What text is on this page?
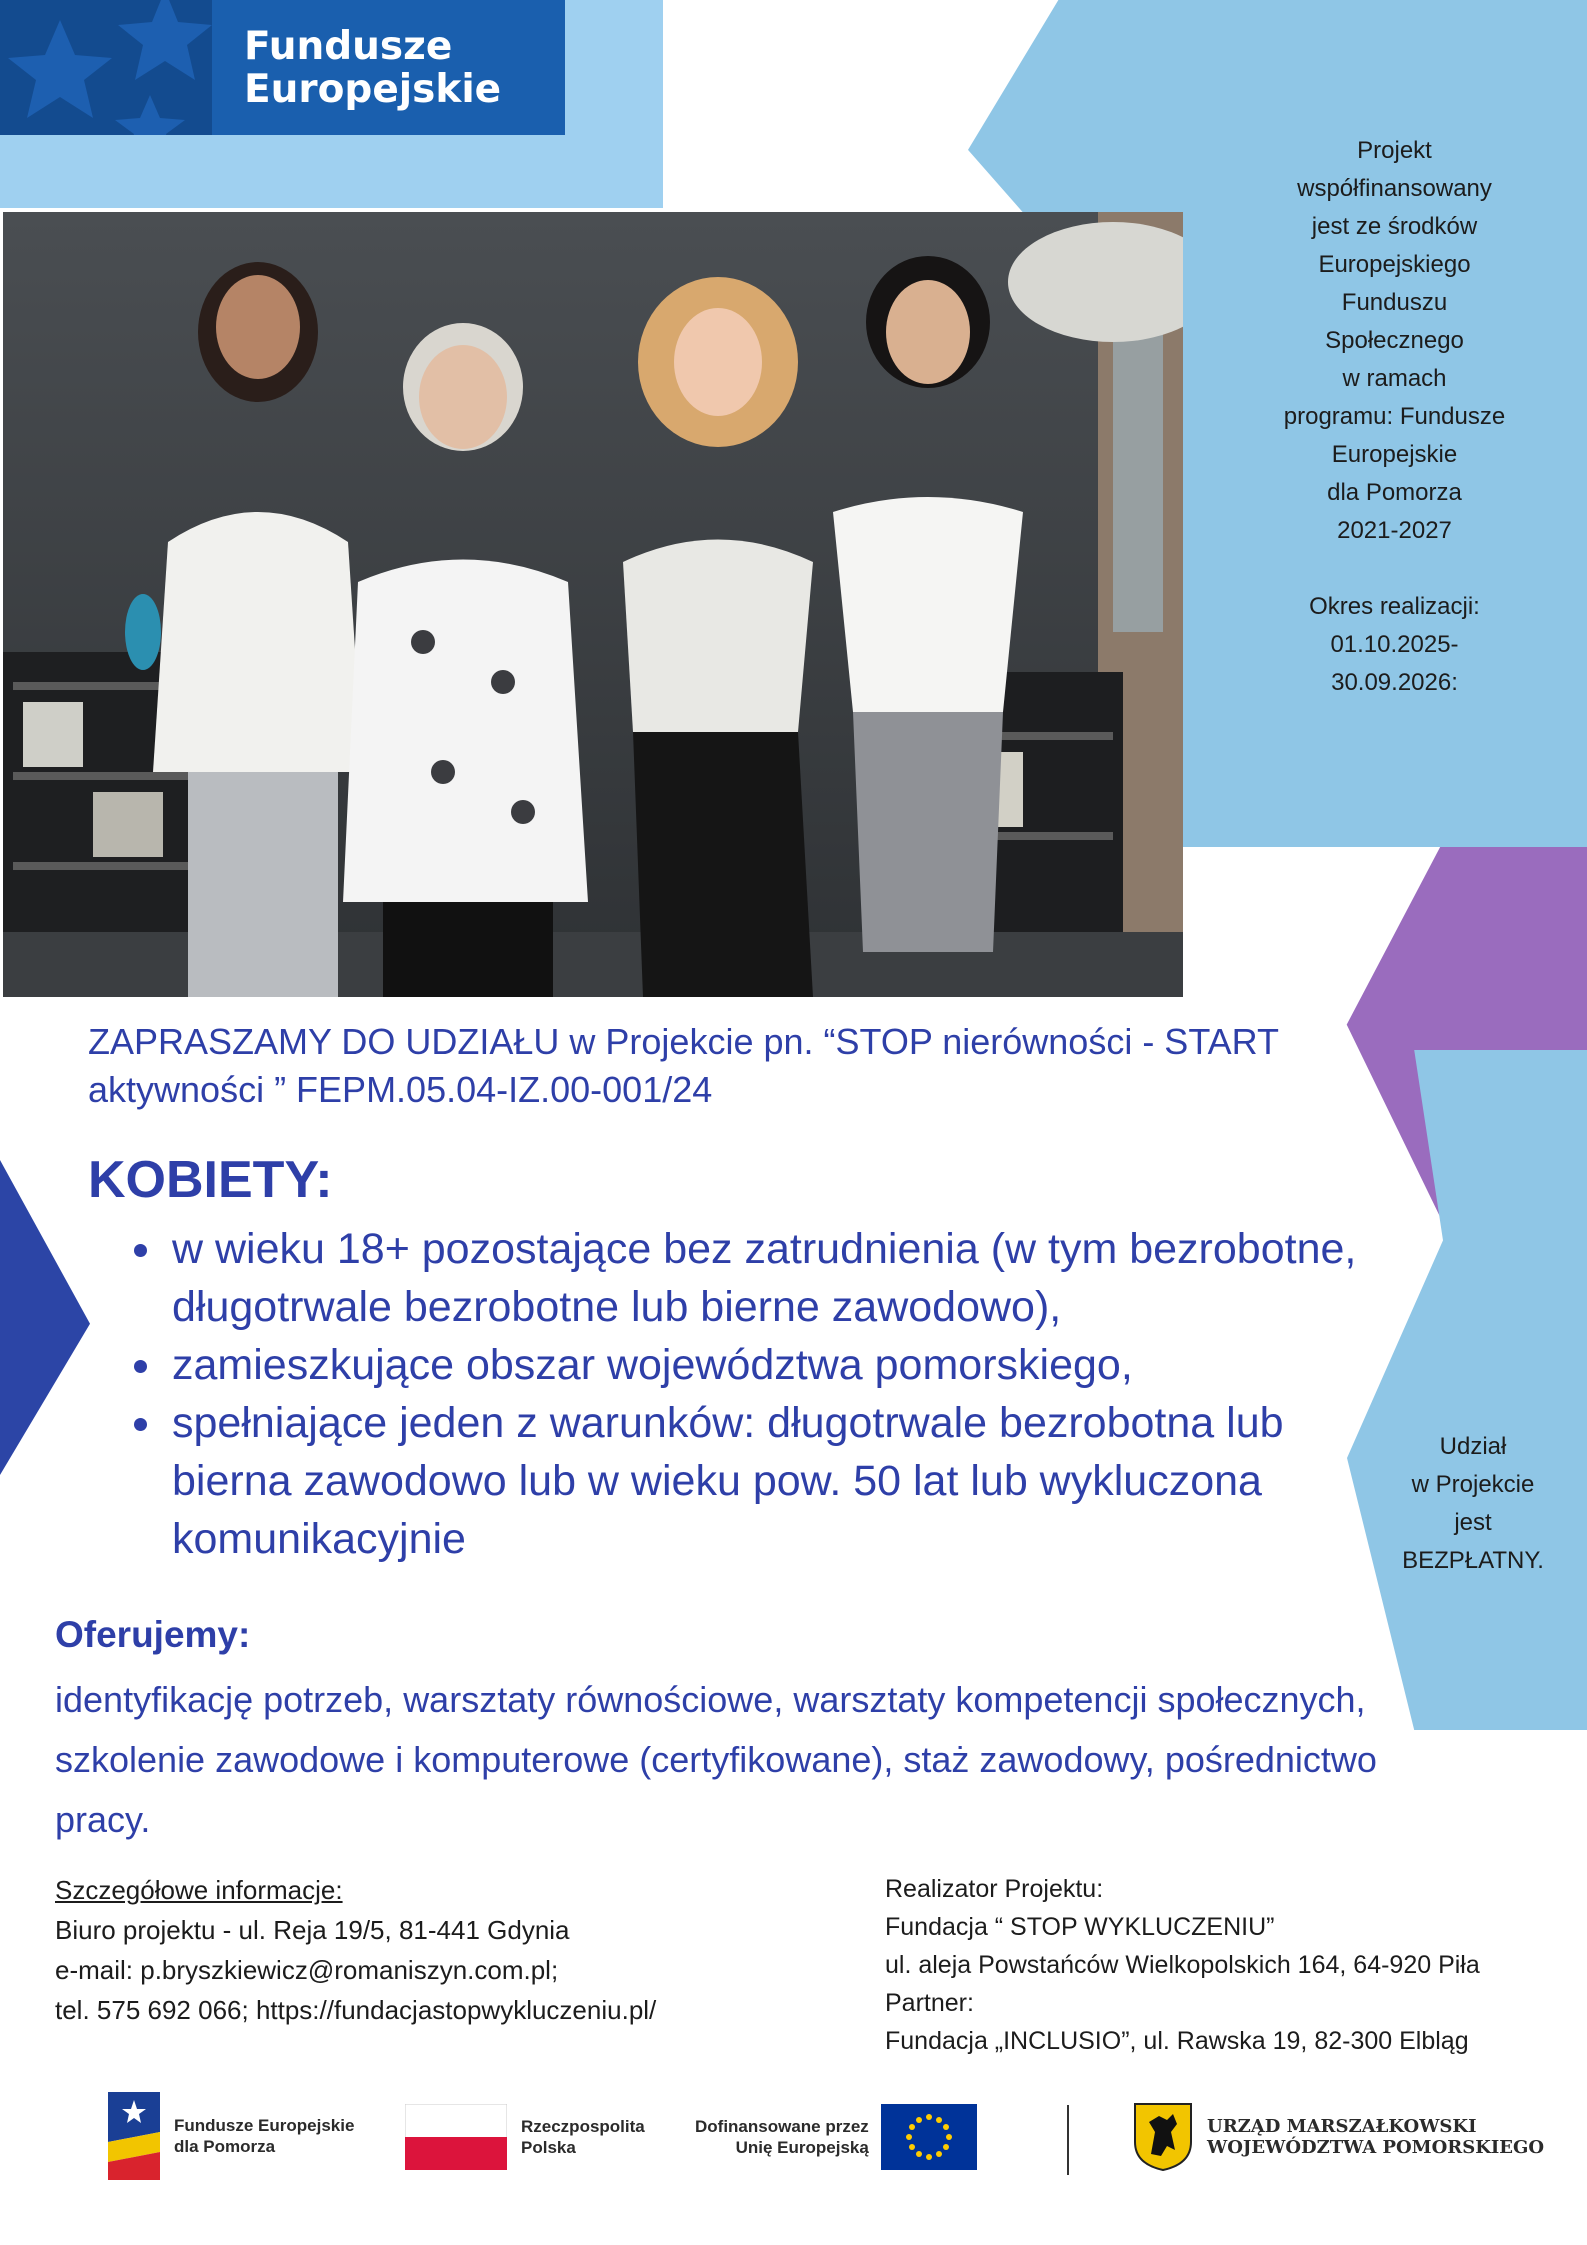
Fundusze
Europejskie
Projekt
współfinansowany
jest ze środków
Europejskiego
Funduszu
Społecznego
w ramach
programu: Fundusze
Europejskie
dla Pomorza
2021-2027

Okres realizacji:
01.10.2025-
30.09.2026:
ZAPRASZAMY DO UDZIAŁU w Projekcie pn. “STOP nierówności - START aktywności ” FEPM.05.04-IZ.00-001/24
KOBIETY:
• w wieku 18+ pozostające bez zatrudnienia (w tym bezrobotne, długotrwale bezrobotne lub bierne zawodowo),
• zamieszkujące obszar województwa pomorskiego,
• spełniające jeden z warunków: długotrwale bezrobotna lub bierna zawodowo lub w wieku pow. 50 lat lub wykluczona komunikacyjnie
Udział
w Projekcie
jest
BEZPŁATNY.
Oferujemy:
identyfikację potrzeb, warsztaty równościowe, warsztaty kompetencji społecznych, szkolenie zawodowe i komputerowe (certyfikowane), staż zawodowy, pośrednictwo pracy.
Szczegółowe informacje:
Biuro projektu - ul. Reja 19/5, 81-441 Gdynia
e-mail: p.bryszkiewicz@romaniszyn.com.pl;
tel. 575 692 066; https://fundacjastopwykluczeniu.pl/
Realizator Projektu:
Fundacja “ STOP WYKLUCZENIU”
ul. aleja Powstańców Wielkopolskich 164, 64-920 Piła
Partner:
Fundacja „INCLUSIO”, ul. Rawska 19, 82-300 Elbląg
Fundusze Europejskie
dla Pomorza
Rzeczpospolita
Polska
Dofinansowane przez
Unię Europejską
URZĄD MARSZAŁKOWSKI
WOJEWÓDZTWA POMORSKIEGO
